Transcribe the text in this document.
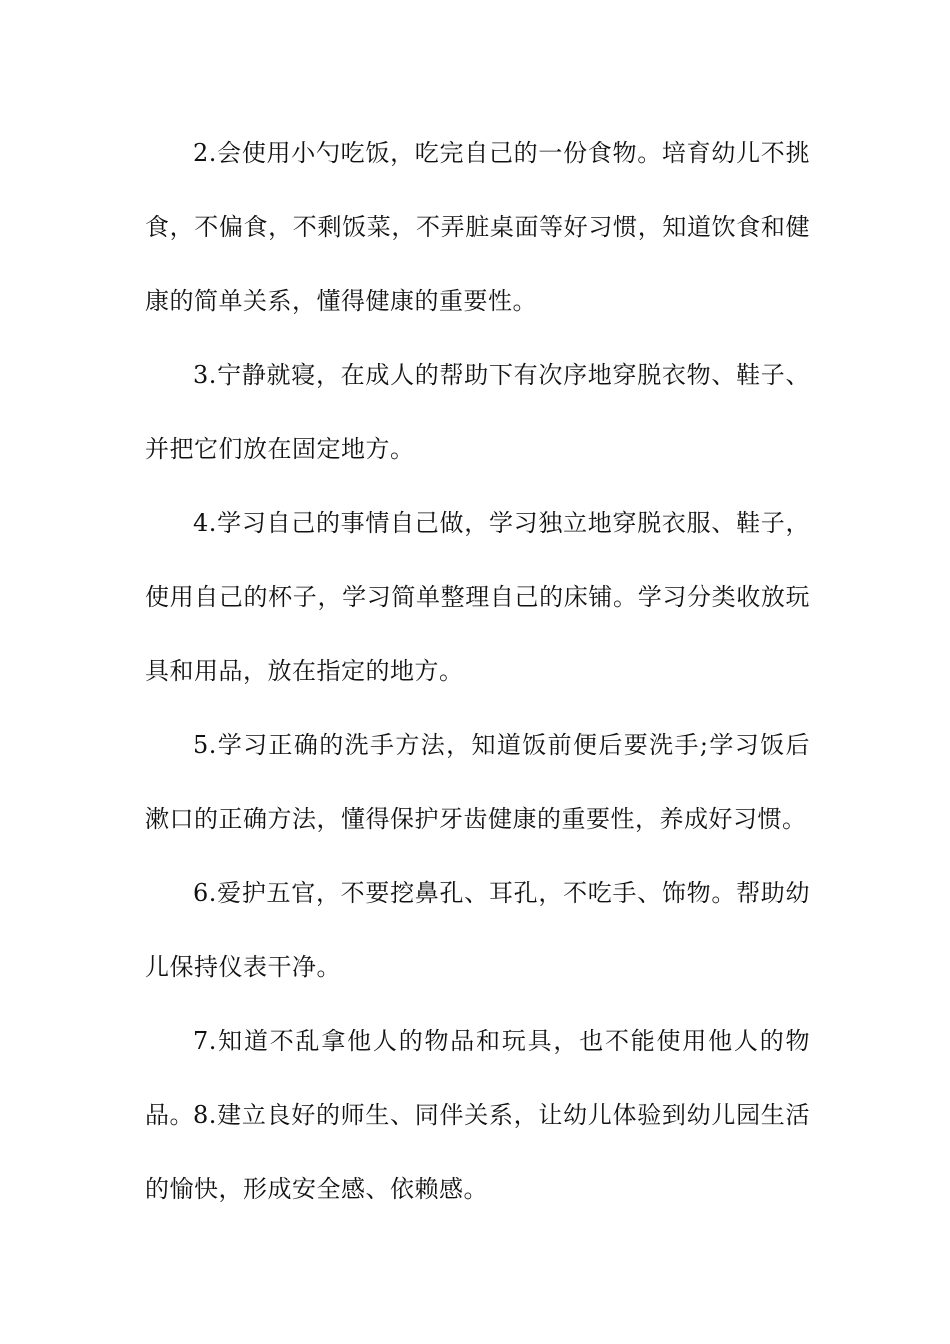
2.会使用小勺吃饭，吃完自己的一份食物。培育幼儿不挑食，不偏食，不剩饭菜，不弄脏桌面等好习惯，知道饮食和健康的简单关系，懂得健康的重要性。

3.宁静就寝，在成人的帮助下有次序地穿脱衣物、鞋子、并把它们放在固定地方。

4.学习自己的事情自己做，学习独立地穿脱衣服、鞋子，使用自己的杯子，学习简单整理自己的床铺。学习分类收放玩具和用品，放在指定的地方。

5.学习正确的洗手方法，知道饭前便后要洗手;学习饭后漱口的正确方法，懂得保护牙齿健康的重要性，养成好习惯。

6.爱护五官，不要挖鼻孔、耳孔，不吃手、饰物。帮助幼儿保持仪表干净。

7.知道不乱拿他人的物品和玩具，也不能使用他人的物品。 8.建立良好的师生、同伴关系，让幼儿体验到幼儿园生活的愉快，形成安全感、依赖感。
